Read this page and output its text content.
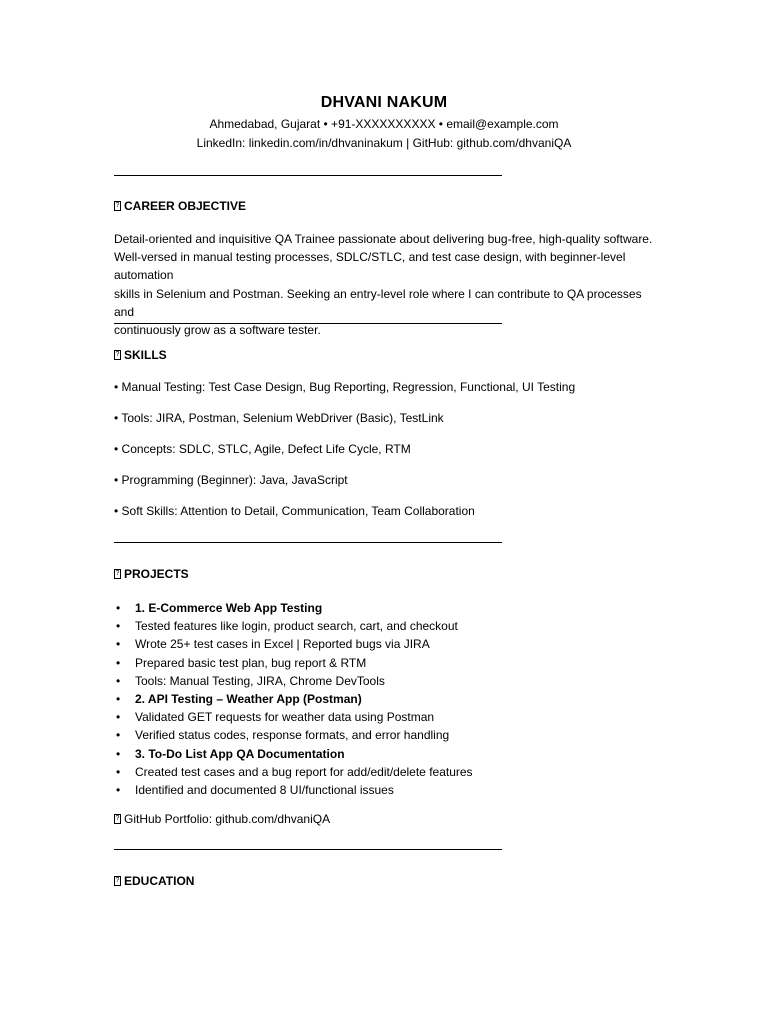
DHVANI NAKUM
Ahmedabad, Gujarat • +91-XXXXXXXXXX • email@example.com
LinkedIn: linkedin.com/in/dhvaninakum | GitHub: github.com/dhvaniQA
? CAREER OBJECTIVE
Detail-oriented and inquisitive QA Trainee passionate about delivering bug-free, high-quality software.
Well-versed in manual testing processes, SDLC/STLC, and test case design, with beginner-level automation
skills in Selenium and Postman. Seeking an entry-level role where I can contribute to QA processes and
continuously grow as a software tester.
? SKILLS
• Manual Testing: Test Case Design, Bug Reporting, Regression, Functional, UI Testing
• Tools: JIRA, Postman, Selenium WebDriver (Basic), TestLink
• Concepts: SDLC, STLC, Agile, Defect Life Cycle, RTM
• Programming (Beginner): Java, JavaScript
• Soft Skills: Attention to Detail, Communication, Team Collaboration
? PROJECTS
• 1. E-Commerce Web App Testing
• Tested features like login, product search, cart, and checkout
• Wrote 25+ test cases in Excel | Reported bugs via JIRA
• Prepared basic test plan, bug report & RTM
• Tools: Manual Testing, JIRA, Chrome DevTools
• 2. API Testing – Weather App (Postman)
• Validated GET requests for weather data using Postman
• Verified status codes, response formats, and error handling
• 3. To-Do List App QA Documentation
• Created test cases and a bug report for add/edit/delete features
• Identified and documented 8 UI/functional issues
? GitHub Portfolio: github.com/dhvaniQA
? EDUCATION
